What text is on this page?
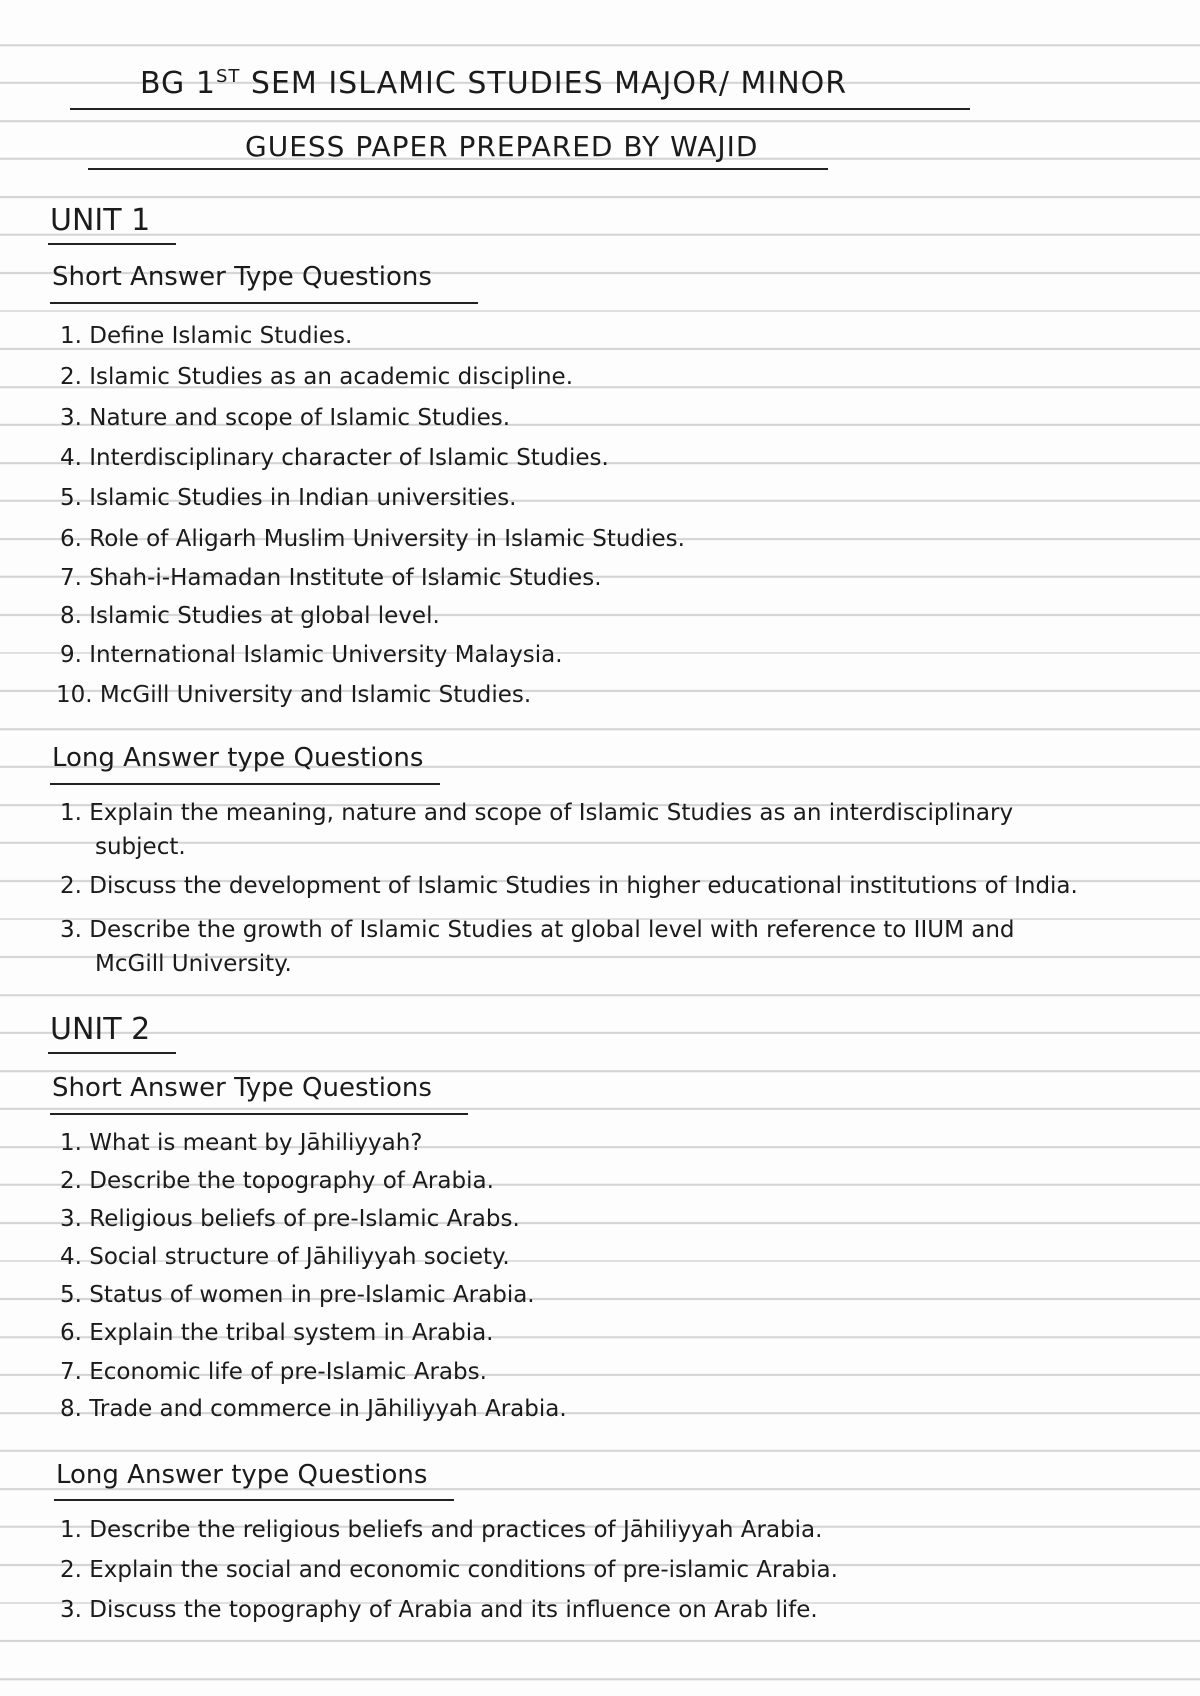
BG 1ST SEM ISLAMIC STUDIES MAJOR/ MINOR
GUESS PAPER PREPARED BY WAJID
UNIT 1
Short Answer Type Questions
1. Define Islamic Studies.
2. Islamic Studies as an academic discipline.
3. Nature and scope of Islamic Studies.
4. Interdisciplinary character of Islamic Studies.
5. Islamic Studies in Indian universities.
6. Role of Aligarh Muslim University in Islamic Studies.
7. Shah-i-Hamadan Institute of Islamic Studies.
8. Islamic Studies at global level.
9. International Islamic University Malaysia.
10. McGill University and Islamic Studies.
Long Answer type Questions
1. Explain the meaning, nature and scope of Islamic Studies as an interdisciplinary
subject.
2. Discuss the development of Islamic Studies in higher educational institutions of India.
3. Describe the growth of Islamic Studies at global level with reference to IIUM and
McGill University.
UNIT 2
Short Answer Type Questions
1. What is meant by Jāhiliyyah?
2. Describe the topography of Arabia.
3. Religious beliefs of pre-Islamic Arabs.
4. Social structure of Jāhiliyyah society.
5. Status of women in pre-Islamic Arabia.
6. Explain the tribal system in Arabia.
7. Economic life of pre-Islamic Arabs.
8. Trade and commerce in Jāhiliyyah Arabia.
Long Answer type Questions
1. Describe the religious beliefs and practices of Jāhiliyyah Arabia.
2. Explain the social and economic conditions of pre-islamic Arabia.
3. Discuss the topography of Arabia and its influence on Arab life.
